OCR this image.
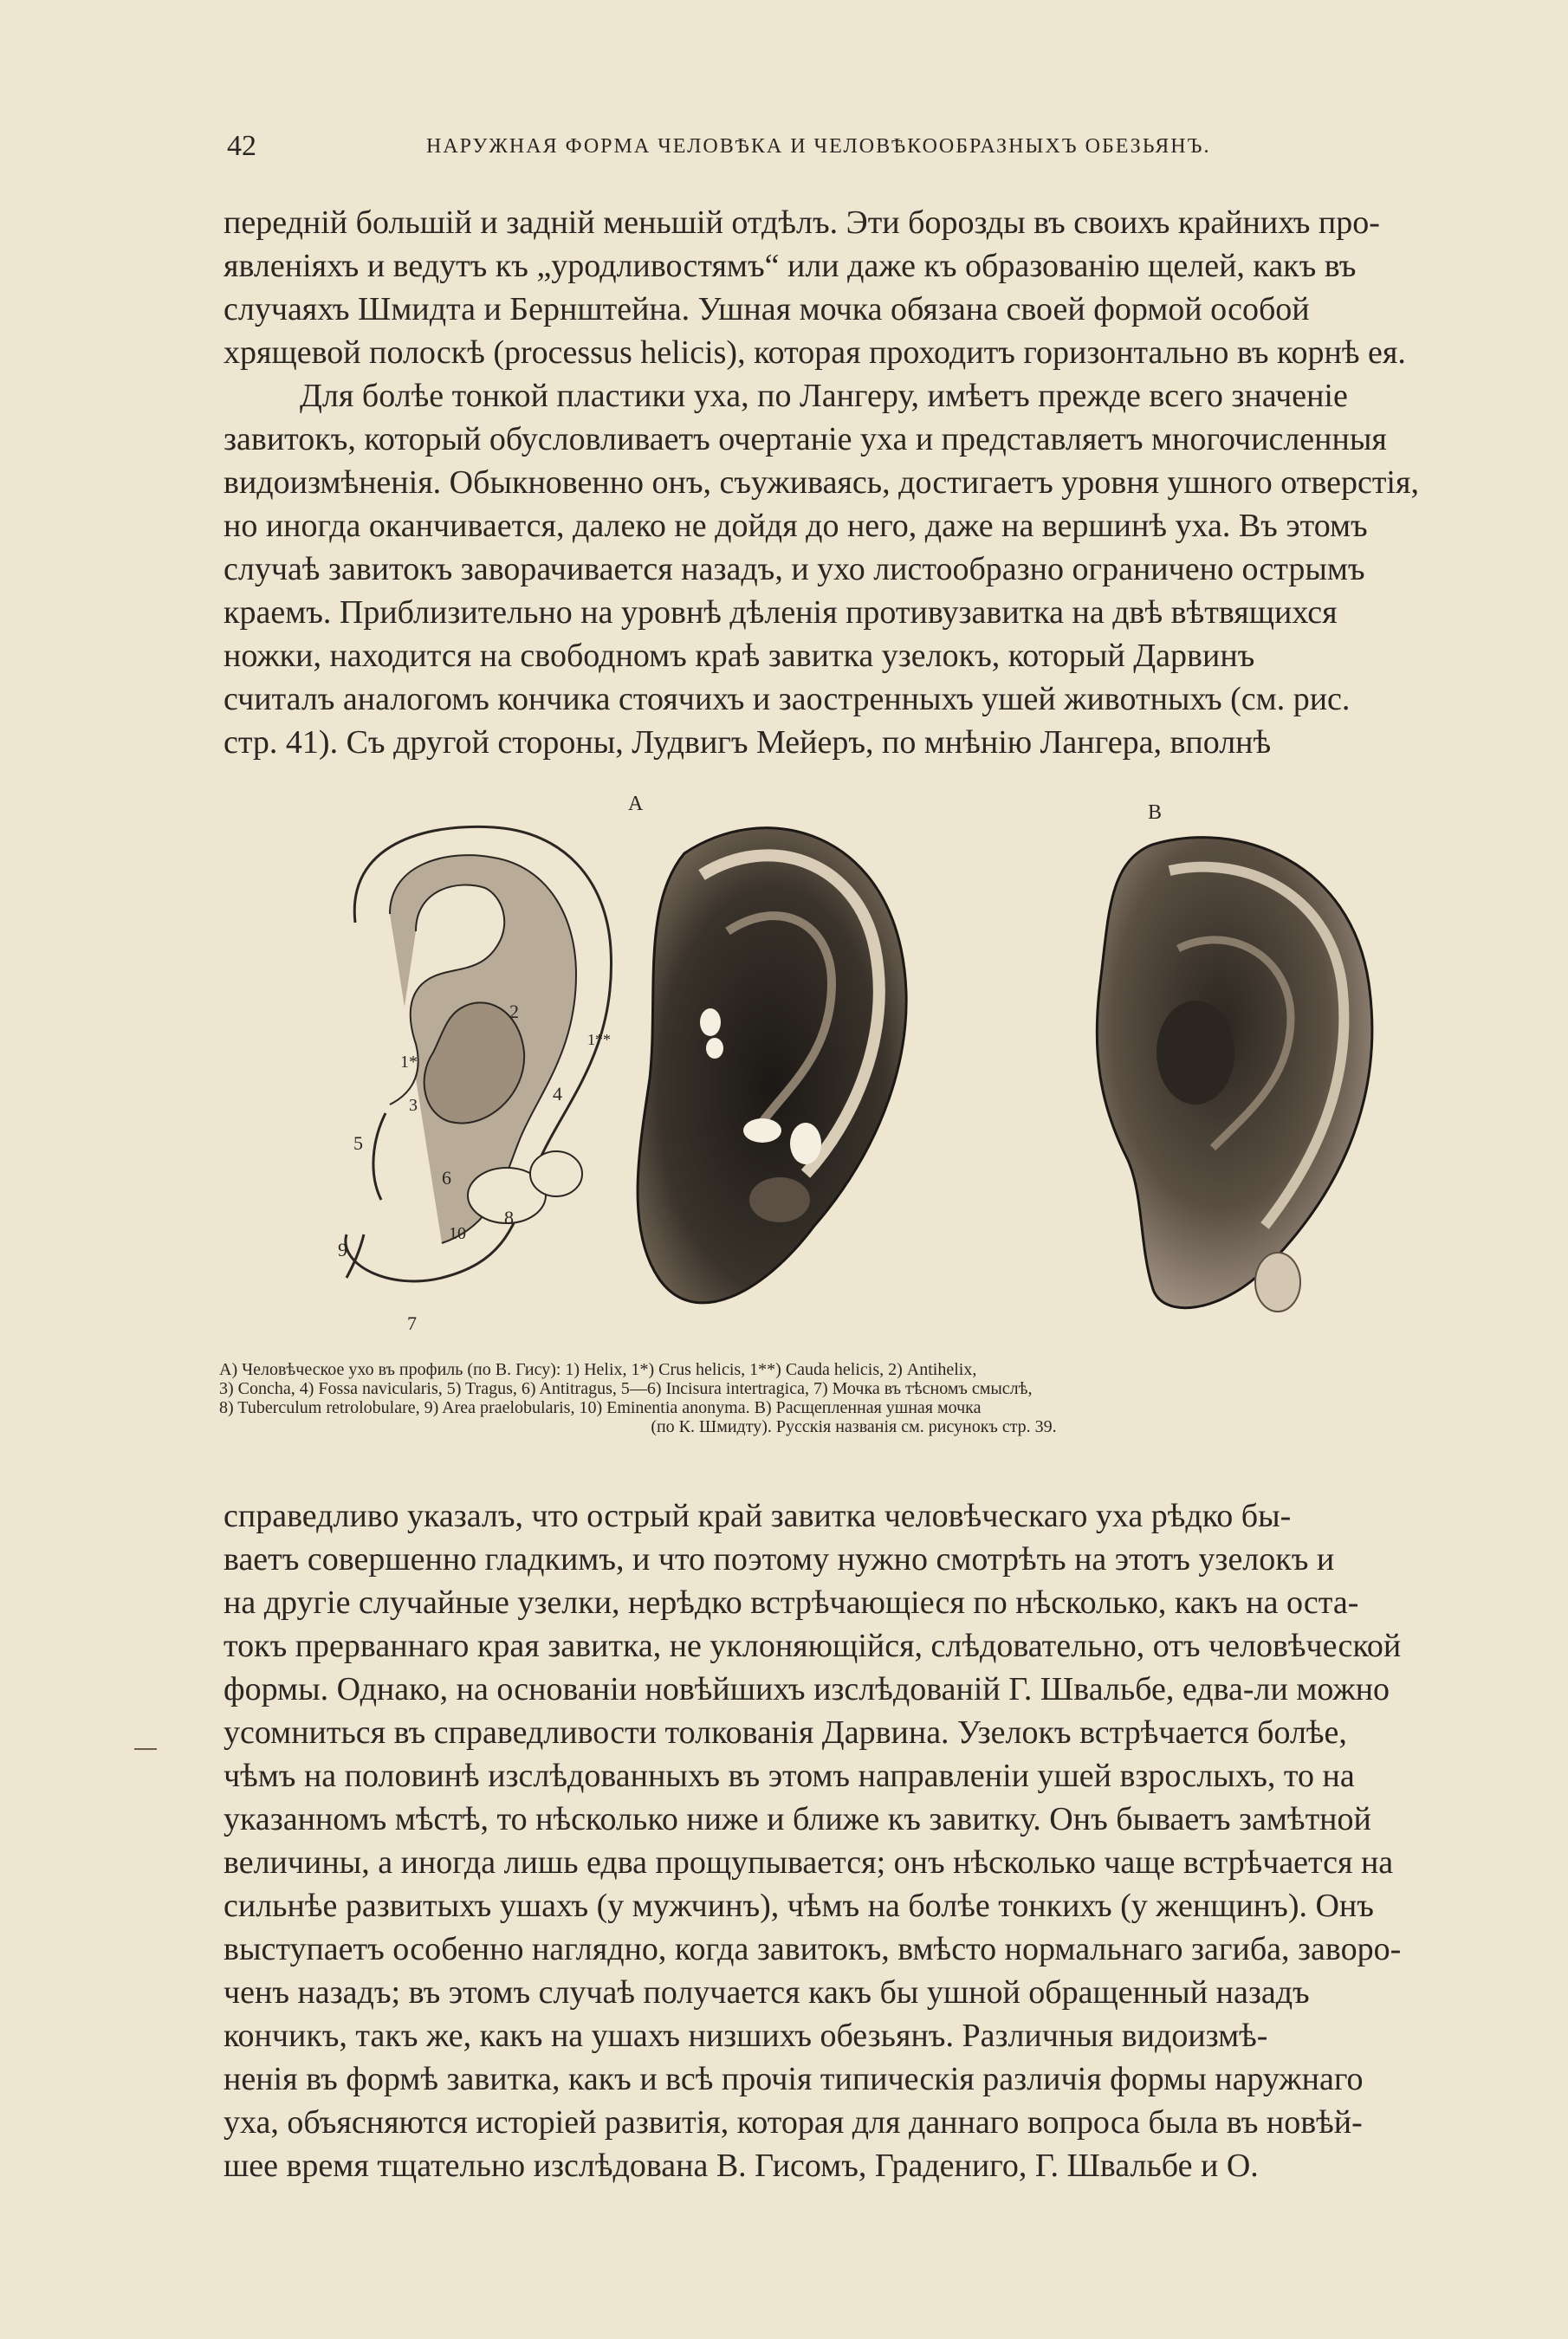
42	НАРУЖНАЯ ФОРМА ЧЕЛОВѢКА И ЧЕЛОВѢКООБРАЗНЫХЪ ОБЕЗЬЯНЪ.

переднiй большiй и заднiй меньшiй отдѣлъ. Эти борозды въ своихъ крайнихъ про-
явленiяхъ и ведутъ къ „уродливостямъ“ или даже къ образованiю щелей, какъ въ
случаяхъ Шмидта и Бернштейна. Ушная мочка обязана своей формой особой
хрящевой полоскѣ (processus helicis), которая проходитъ горизонтально въ корнѣ ея.
Для болѣе тонкой пластики уха, по Лангеру, имѣетъ прежде всего значенiе
завитокъ, который обусловливаетъ очертанiе уха и представляетъ многочисленныя
видоизмѣненiя. Обыкновенно онъ, съуживаясь, достигаетъ уровня ушного отверстiя,
но иногда оканчивается, далеко не дойдя до него, даже на вершинѣ уха. Въ этомъ
случаѣ завитокъ заворачивается назадъ, и ухо листообразно ограничено острымъ
краемъ. Приблизительно на уровнѣ дѣленiя противузавитка на двѣ вѣтвящихся
ножки, находится на свободномъ краѣ завитка узелокъ, который Дарвинъ
считалъ аналогомъ кончика стоячихъ и заостренныхъ ушей животныхъ (см. рис.
стр. 41). Съ другой стороны, Лудвигъ Мейеръ, по мнѣнiю Лангера, вполнѣ

А	В
2
1**
1*
3
4
5
6
10
8
9
7

A) Человѣческое ухо въ профиль (по В. Гису): 1) Helix, 1*) Crus helicis, 1**) Cauda helicis, 2) Antihelix,
3) Concha, 4) Fossa navicularis, 5) Tragus, 6) Antitragus, 5—6) Incisura intertragica, 7) Мочка въ тѣсномъ смыслѣ,
8) Tuberculum retrolobulare, 9) Area praelobularis, 10) Eminentia anonyma. B) Расщепленная ушная мочка
(по К. Шмидту). Русскiя названiя см. рисунокъ стр. 39.

справедливо указалъ, что острый край завитка человѣческаго уха рѣдко бы-
ваетъ совершенно гладкимъ, и что поэтому нужно смотрѣть на этотъ узелокъ и
на другiе случайные узелки, нерѣдко встрѣчающiеся по нѣсколько, какъ на оста-
токъ прерваннаго края завитка, не уклоняющiйся, слѣдовательно, отъ человѣческой
формы. Однако, на основанiи новѣйшихъ изслѣдованiй Г. Швальбе, едва-ли можно
усомниться въ справедливости толкованiя Дарвина. Узелокъ встрѣчается болѣе,
чѣмъ на половинѣ изслѣдованныхъ въ этомъ направленiи ушей взрослыхъ, то на
указанномъ мѣстѣ, то нѣсколько ниже и ближе къ завитку. Онъ бываетъ замѣтной
величины, а иногда лишь едва прощупывается; онъ нѣсколько чаще встрѣчается на
сильнѣе развитыхъ ушахъ (у мужчинъ), чѣмъ на болѣе тонкихъ (у женщинъ). Онъ
выступаетъ особенно наглядно, когда завитокъ, вмѣсто нормальнаго загиба, заворо-
ченъ назадъ; въ этомъ случаѣ получается какъ бы ушной обращенный назадъ
кончикъ, такъ же, какъ на ушахъ низшихъ обезьянъ. Различныя видоизмѣ-
ненiя въ формѣ завитка, какъ и всѣ прочiя типическiя различiя формы наружнаго
уха, объясняются исторiей развитiя, которая для даннаго вопроса была въ новѣй-
шее время тщательно изслѣдована В. Гисомъ, Градениго, Г. Швальбе и О.
